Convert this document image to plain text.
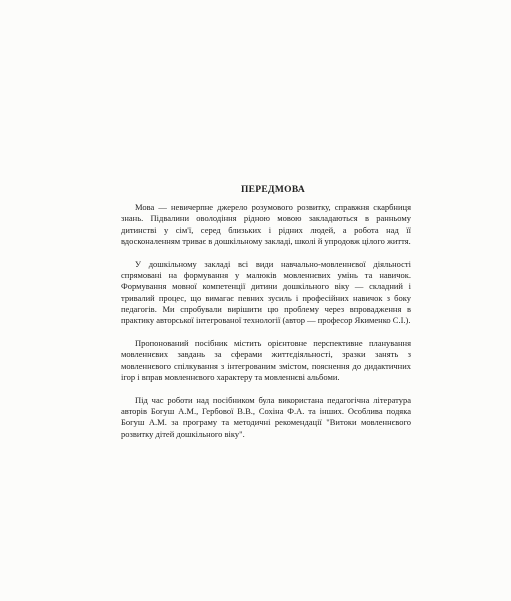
ПЕРЕДМОВА

Мова — невичерпне джерело розумового розвитку, справжня скарбниця знань. Підвалини оволодіння рідною мовою закладаються в ранньому дитинстві у сім'ї, серед близьких і рідних людей, а робота над її вдосконаленням триває в дошкільному закладі, школі й упродовж цілого життя.

У дошкільному закладі всі види навчально-мовленнєвої діяльності спрямовані на формування у малюків мовленнєвих умінь та навичок. Формування мовної компетенції дитини дошкільного віку — складний і тривалий процес, що вимагає певних зусиль і професійних навичок з боку педагогів. Ми спробували вирішити цю проблему через впровадження в практику авторської інтегрованої технології (автор — професор Якименко С.І.).

Пропонований посібник містить орієнтовне перспективне планування мовленнєвих завдань за сферами життєдіяльності, зразки занять з мовленнєвого спілкування з інтегрованим змістом, пояснення до дидактичних ігор і вправ мовленнєвого характеру та мовленнєві альбоми.

Під час роботи над посібником була використана педагогічна література авторів Богуш А.М., Гербової В.В., Сохіна Ф.А. та інших. Особлива подяка Богуш А.М. за програму та методичні рекомендації "Витоки мовленнєвого розвитку дітей дошкільного віку".
